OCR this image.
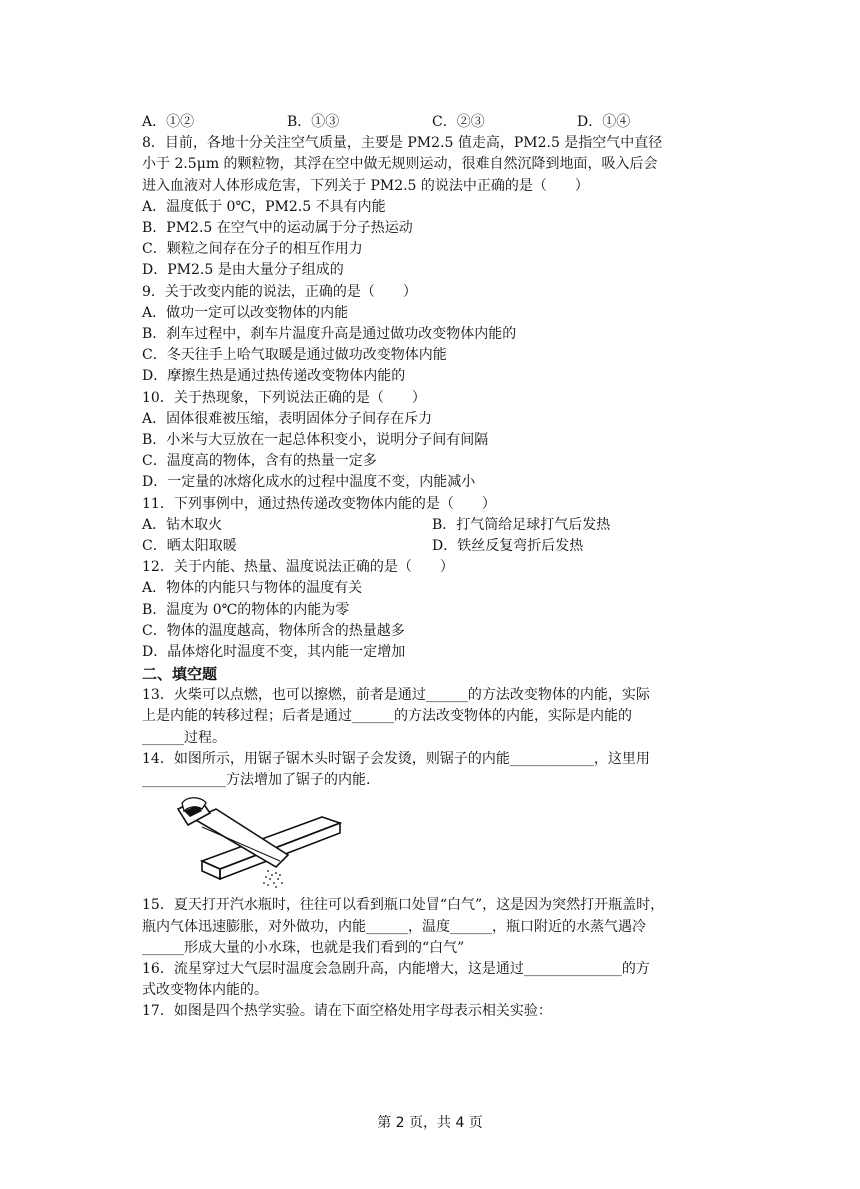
A．①②	B．①③	C．②③	D．①④
8．目前，各地十分关注空气质量，主要是 PM2.5 值走高，PM2.5 是指空气中直径
小于 2.5μm 的颗粒物，其浮在空中做无规则运动，很难自然沉降到地面，吸入后会
进入血液对人体形成危害，下列关于 PM2.5 的说法中正确的是（　　）
A．温度低于 0℃，PM2.5 不具有内能
B．PM2.5 在空气中的运动属于分子热运动
C．颗粒之间存在分子的相互作用力
D．PM2.5 是由大量分子组成的
9．关于改变内能的说法，正确的是（　　）
A．做功一定可以改变物体的内能
B．刹车过程中，刹车片温度升高是通过做功改变物体内能的
C．冬天往手上哈气取暖是通过做功改变物体内能
D．摩擦生热是通过热传递改变物体内能的
10．关于热现象，下列说法正确的是（　　）
A．固体很难被压缩，表明固体分子间存在斥力
B．小米与大豆放在一起总体积变小，说明分子间有间隔
C．温度高的物体，含有的热量一定多
D．一定量的冰熔化成水的过程中温度不变，内能减小
11．下列事例中，通过热传递改变物体内能的是（　　）
A．钻木取火	B．打气筒给足球打气后发热
C．晒太阳取暖	D．铁丝反复弯折后发热
12．关于内能、热量、温度说法正确的是（　　）
A．物体的内能只与物体的温度有关
B．温度为 0℃的物体的内能为零
C．物体的温度越高，物体所含的热量越多
D．晶体熔化时温度不变，其内能一定增加
二、填空题
13．火柴可以点燃，也可以擦燃，前者是通过______的方法改变物体的内能，实际
上是内能的转移过程；后者是通过______的方法改变物体的内能，实际是内能的
______过程。
14．如图所示，用锯子锯木头时锯子会发烫，则锯子的内能____________，这里用
____________方法增加了锯子的内能.
15．夏天打开汽水瓶时，往往可以看到瓶口处冒“白气”，这是因为突然打开瓶盖时，
瓶内气体迅速膨胀，对外做功，内能______，温度______，瓶口附近的水蒸气遇冷
______形成大量的小水珠，也就是我们看到的“白气”
16．流星穿过大气层时温度会急剧升高，内能增大，这是通过______________的方
式改变物体内能的。
17．如图是四个热学实验。请在下面空格处用字母表示相关实验：
第 2 页，共 4 页
